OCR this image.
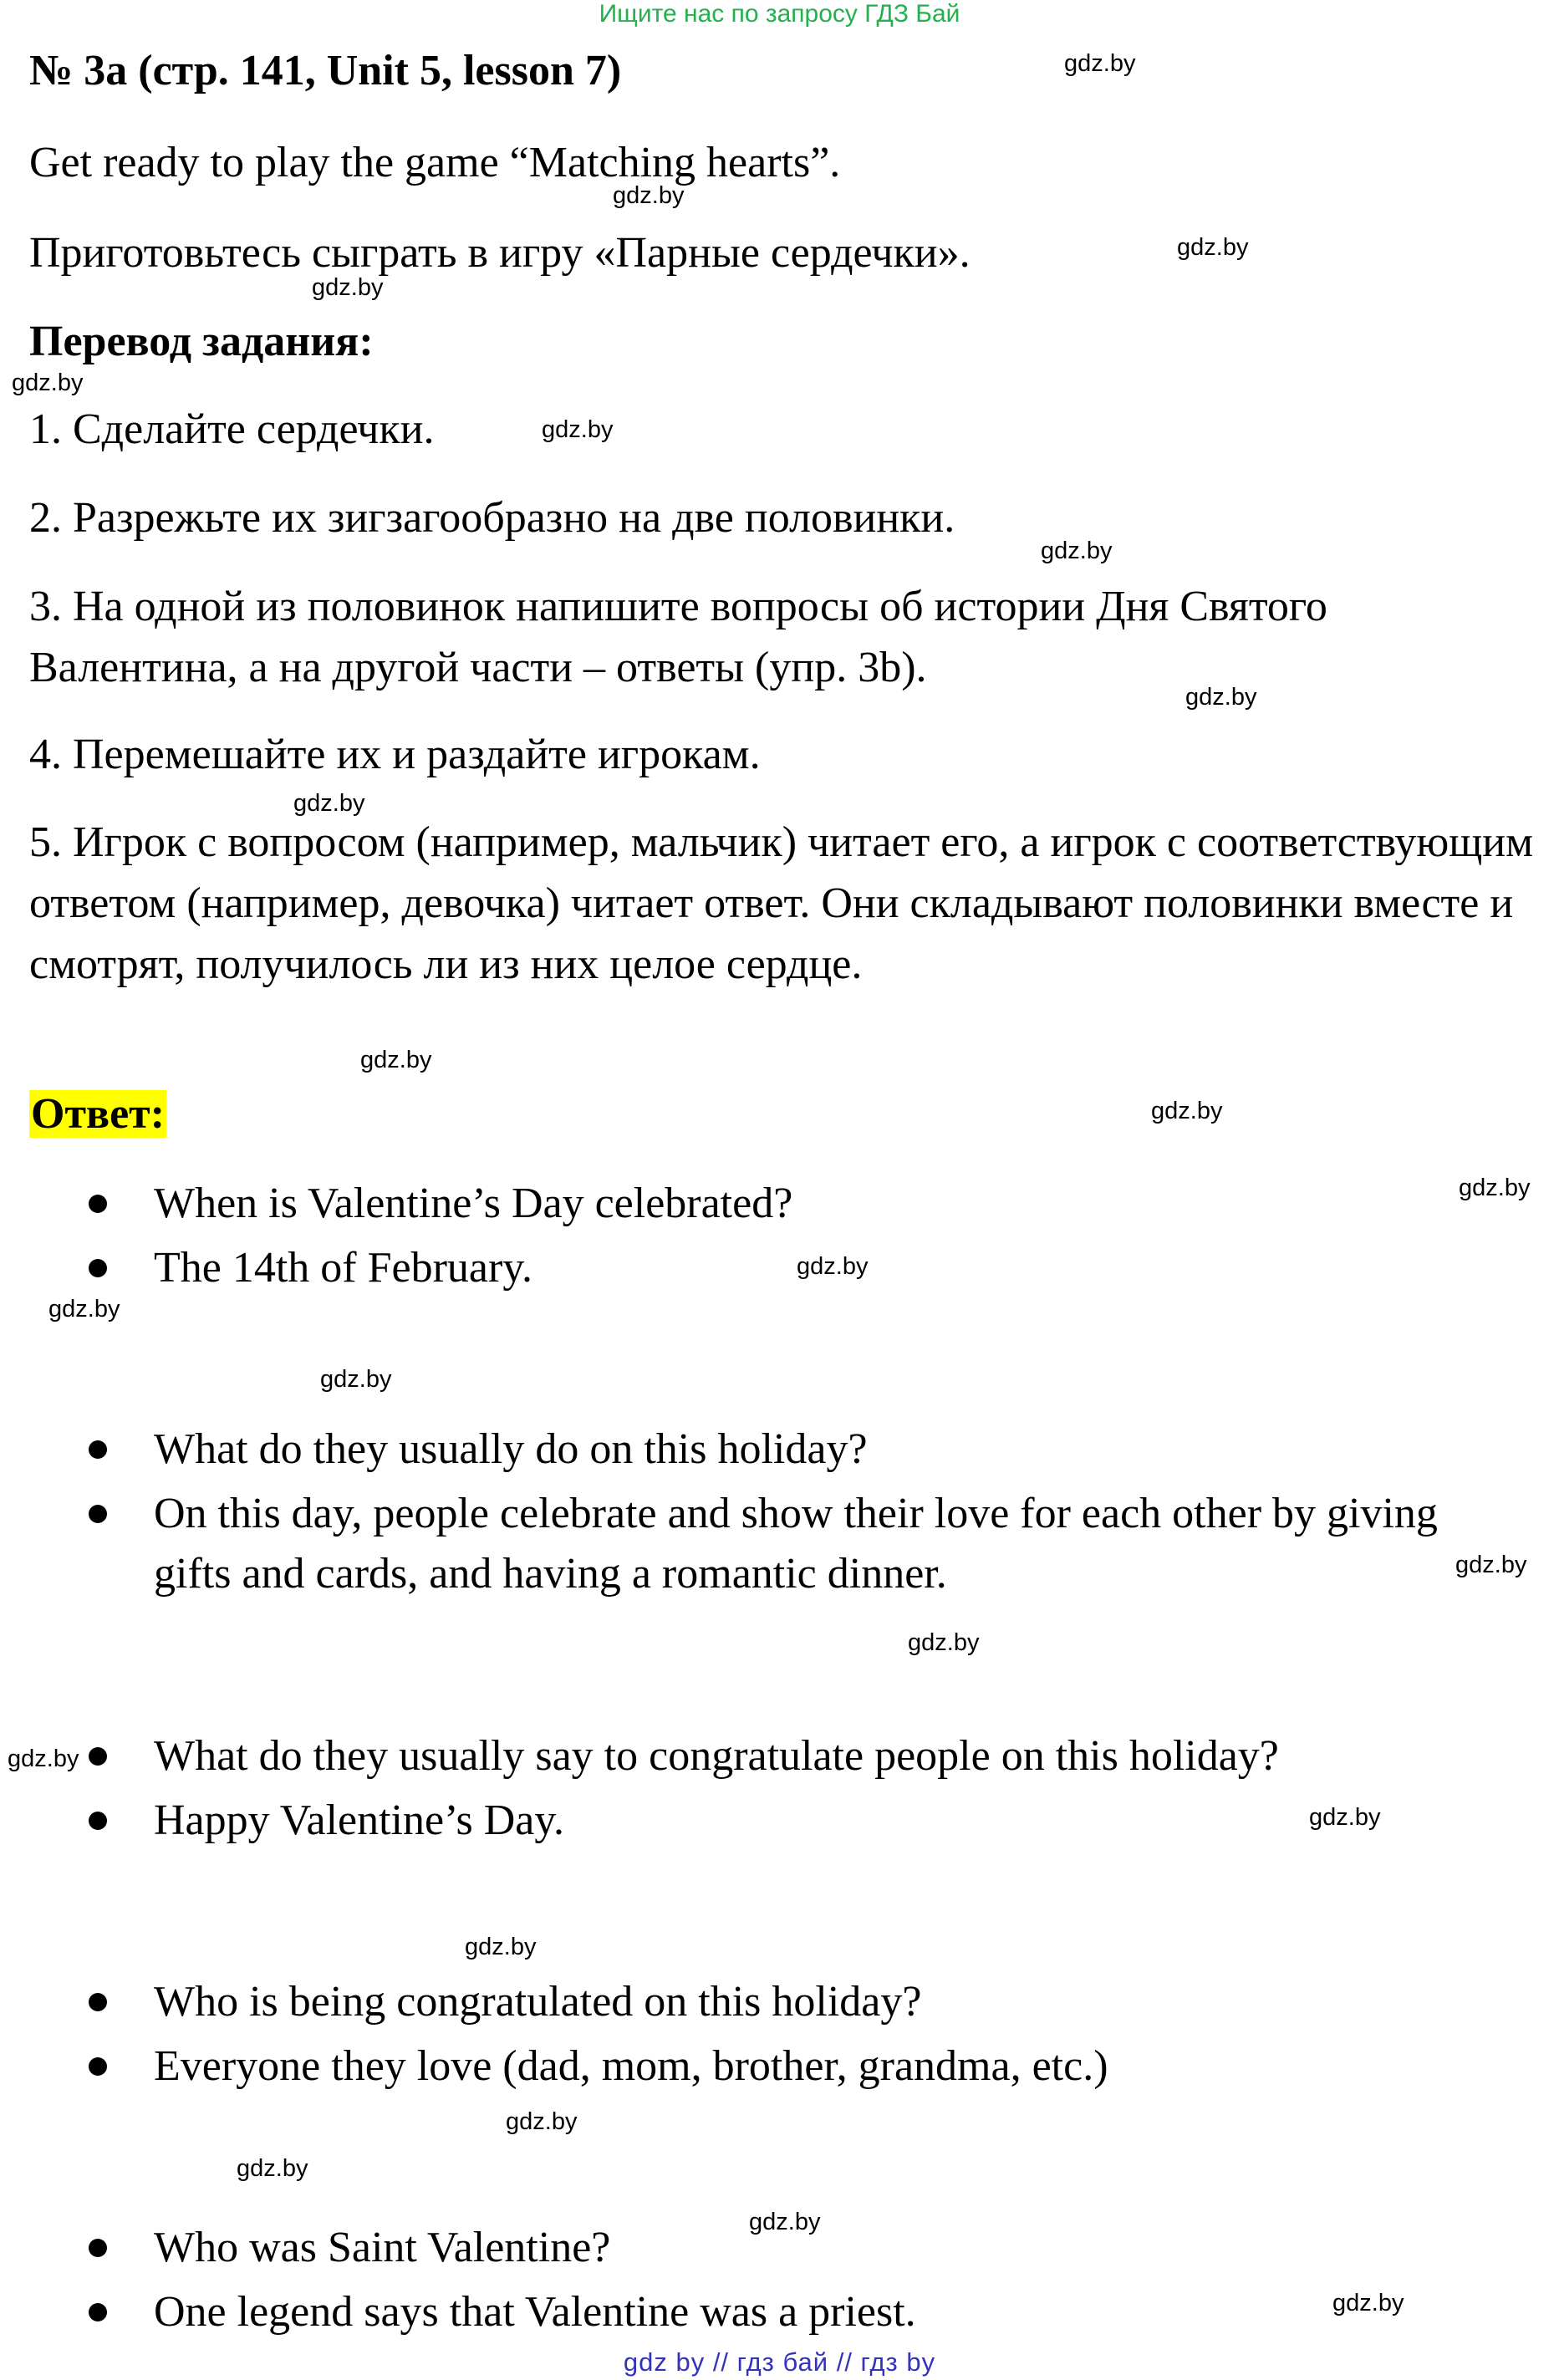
Ищите нас по запросу ГДЗ Бай
№ 3a (стр. 141, Unit 5, lesson 7)
Get ready to play the game “Matching hearts”.
Приготовьтесь сыграть в игру «Парные сердечки».
Перевод задания:
1. Сделайте сердечки.
2. Разрежьте их зигзагообразно на две половинки.
3. На одной из половинок напишите вопросы об истории Дня Святого Валентина, а на другой части – ответы (упр. 3b).
4. Перемешайте их и раздайте игрокам.
5. Игрок с вопросом (например, мальчик) читает его, а игрок с соответствующим ответом (например, девочка) читает ответ. Они складывают половинки вместе и смотрят, получилось ли из них целое сердце.
Ответ:
When is Valentine’s Day celebrated?
The 14th of February.
What do they usually do on this holiday?
On this day, people celebrate and show their love for each other by giving gifts and cards, and having a romantic dinner.
What do they usually say to congratulate people on this holiday?
Happy Valentine’s Day.
Who is being congratulated on this holiday?
Everyone they love (dad, mom, brother, grandma, etc.)
Who was Saint Valentine?
One legend says that Valentine was a priest.
gdz.by
gdz.by
gdz.by
gdz.by
gdz.by
gdz.by
gdz.by
gdz.by
gdz.by
gdz.by
gdz.by
gdz.by
gdz.by
gdz.by
gdz.by
gdz.by
gdz.by
gdz.by
gdz.by
gdz.by
gdz.by
gdz.by
gdz.by
gdz.by
gdz by // гдз бай // гдз by
